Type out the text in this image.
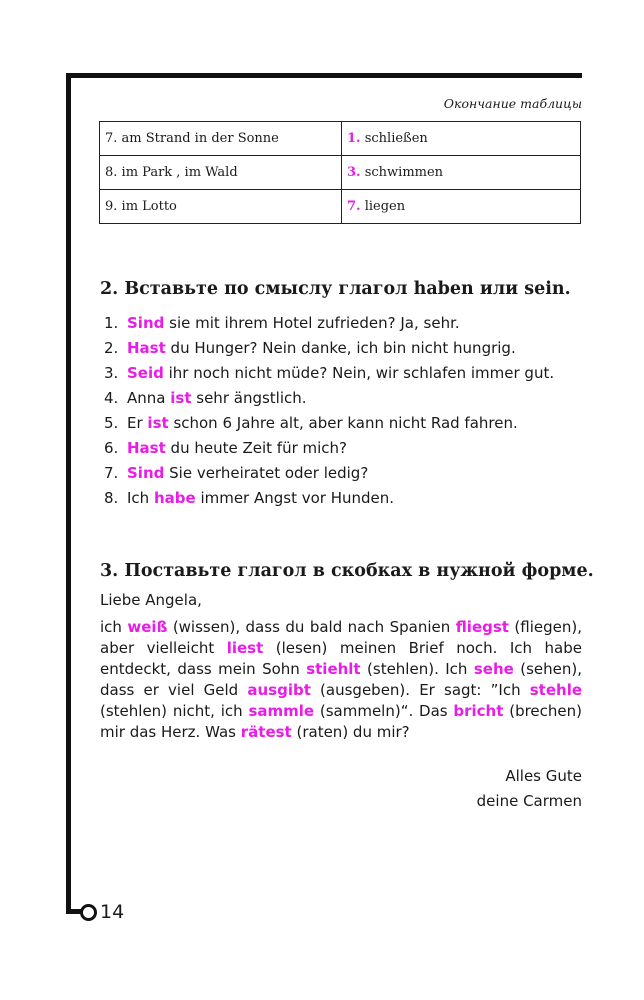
14
Окончание таблицы
7. am Strand in der Sonne	1. schließen
8. im Park , im Wald	3. schwimmen
9. im Lotto	7. liegen
2. Вставьте по смыслу глагол haben или sein.
1. Sind sie mit ihrem Hotel zufrieden? Ja, sehr.
2. Hast du Hunger? Nein danke, ich bin nicht hungrig.
3. Seid ihr noch nicht müde? Nein, wir schlafen immer gut.
4. Anna ist sehr ängstlich.
5. Er ist schon 6 Jahre alt, aber kann nicht Rad fahren.
6. Hast du heute Zeit für mich?
7. Sind Sie verheiratet oder ledig?
8. Ich habe immer Angst vor Hunden.
3. Поставьте глагол в скобках в нужной форме.

Liebe Angela,

ich weiß (wissen), dass du bald nach Spanien fliegst (fliegen), aber vielleicht liest (lesen) meinen Brief noch. Ich habe entdeckt, dass mein Sohn stiehlt (stehlen). Ich sehe (sehen), dass er viel Geld ausgibt (ausgeben). Er sagt: ”Ich stehle (stehlen) nicht, ich sammle (sammeln)“. Das bricht (brechen) mir das Herz. Was rätest (raten) du mir?

Alles Gute
deine Carmen
